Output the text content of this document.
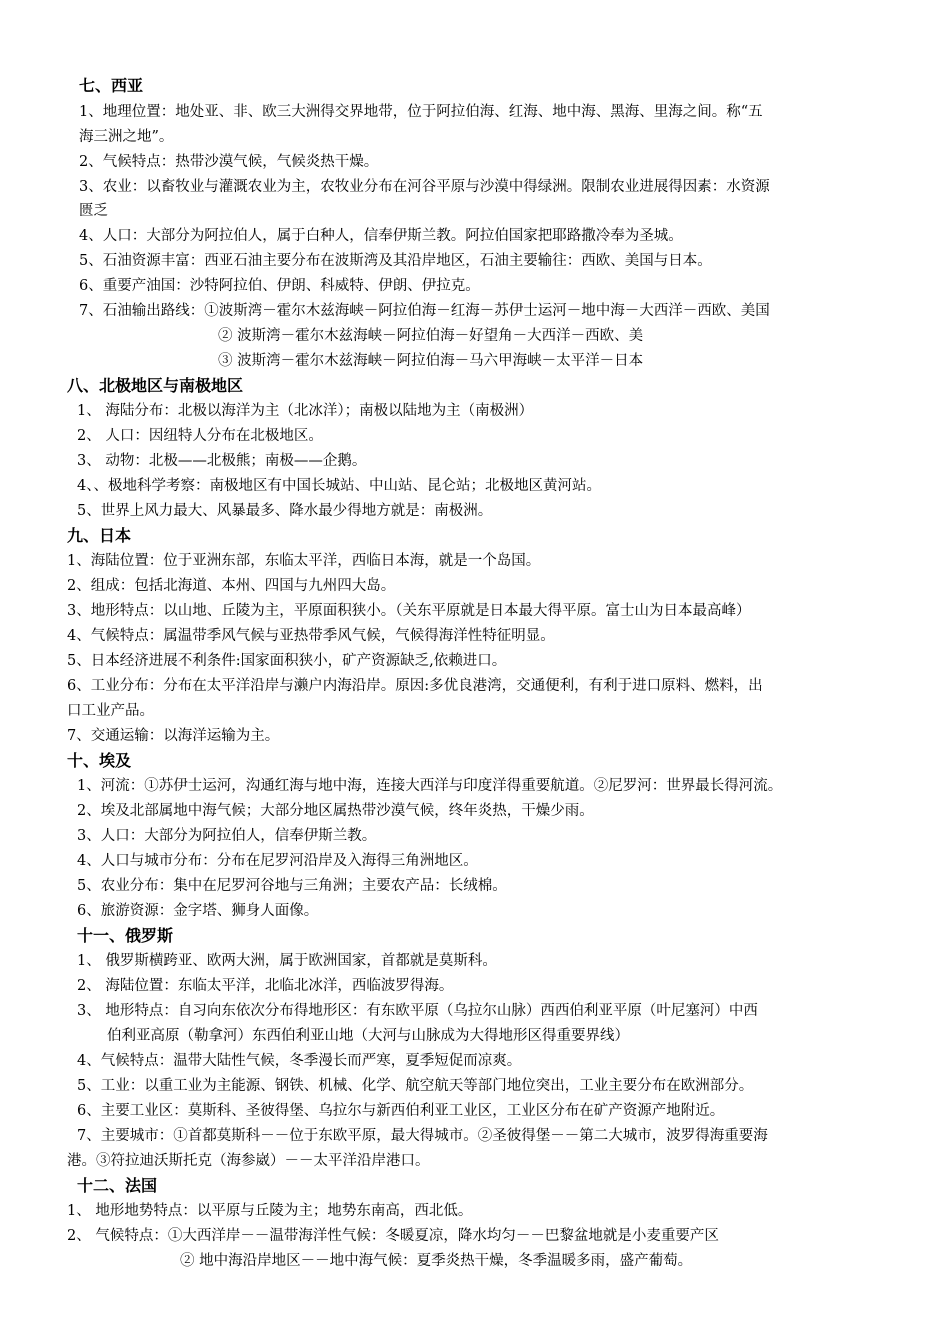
七、西亚
1、地理位置：地处亚、非、欧三大洲得交界地带，位于阿拉伯海、红海、地中海、黑海、里海之间。称“五
海三洲之地”。
2、气候特点：热带沙漠气候，气候炎热干燥。
3、农业：以畜牧业与灌溉农业为主，农牧业分布在河谷平原与沙漠中得绿洲。限制农业进展得因素：水资源
匮乏
4、人口：大部分为阿拉伯人，属于白种人，信奉伊斯兰教。阿拉伯国家把耶路撒冷奉为圣城。
5、石油资源丰富：西亚石油主要分布在波斯湾及其沿岸地区，石油主要输往：西欧、美国与日本。
6、重要产油国：沙特阿拉伯、伊朗、科威特、伊朗、伊拉克。
7、石油输出路线：①波斯湾－霍尔木兹海峡－阿拉伯海－红海－苏伊士运河－地中海－大西洋－西欧、美国
② 波斯湾－霍尔木兹海峡－阿拉伯海－好望角－大西洋－西欧、美
③ 波斯湾－霍尔木兹海峡－阿拉伯海－马六甲海峡－太平洋－日本
八、北极地区与南极地区
1、 海陆分布：北极以海洋为主（北冰洋）；南极以陆地为主（南极洲）
2、 人口：因纽特人分布在北极地区。
3、 动物：北极——北极熊；南极——企鹅。
4、、极地科学考察：南极地区有中国长城站、中山站、昆仑站；北极地区黄河站。
5、世界上风力最大、风暴最多、降水最少得地方就是：南极洲。
九、日本
1、海陆位置：位于亚洲东部，东临太平洋，西临日本海，就是一个岛国。
2、组成：包括北海道、本州、四国与九州四大岛。
3、地形特点：以山地、丘陵为主，平原面积狭小。（关东平原就是日本最大得平原。富士山为日本最高峰）
4、气候特点：属温带季风气候与亚热带季风气候，气候得海洋性特征明显。
5、日本经济进展不利条件:国家面积狭小，矿产资源缺乏,依赖进口。
6、工业分布：分布在太平洋沿岸与濑户内海沿岸。原因:多优良港湾，交通便利，有利于进口原料、燃料，出
口工业产品。
7、交通运输：以海洋运输为主。
十、埃及
1、河流：①苏伊士运河，沟通红海与地中海，连接大西洋与印度洋得重要航道。②尼罗河：世界最长得河流。
2、埃及北部属地中海气候；大部分地区属热带沙漠气候，终年炎热，干燥少雨。
3、人口：大部分为阿拉伯人，信奉伊斯兰教。
4、人口与城市分布：分布在尼罗河沿岸及入海得三角洲地区。
5、农业分布：集中在尼罗河谷地与三角洲；主要农产品：长绒棉。
6、旅游资源：金字塔、狮身人面像。
十一、俄罗斯
1、 俄罗斯横跨亚、欧两大洲，属于欧洲国家，首都就是莫斯科。
2、 海陆位置：东临太平洋，北临北冰洋，西临波罗得海。
3、 地形特点：自习向东依次分布得地形区：有东欧平原（乌拉尔山脉）西西伯利亚平原（叶尼塞河）中西
伯利亚高原（勒拿河）东西伯利亚山地（大河与山脉成为大得地形区得重要界线）
4、气候特点：温带大陆性气候，冬季漫长而严寒，夏季短促而凉爽。
5、工业：以重工业为主能源、钢铁、机械、化学、航空航天等部门地位突出，工业主要分布在欧洲部分。
6、主要工业区：莫斯科、圣彼得堡、乌拉尔与新西伯利亚工业区，工业区分布在矿产资源产地附近。
7、主要城市：①首都莫斯科－－位于东欧平原，最大得城市。②圣彼得堡－－第二大城市，波罗得海重要海
港。③符拉迪沃斯托克（海参崴）－－太平洋沿岸港口。
十二、法国
1、 地形地势特点：以平原与丘陵为主；地势东南高，西北低。
2、 气候特点：①大西洋岸－－温带海洋性气候：冬暖夏凉，降水均匀－－巴黎盆地就是小麦重要产区
② 地中海沿岸地区－－地中海气候：夏季炎热干燥，冬季温暖多雨，盛产葡萄。
